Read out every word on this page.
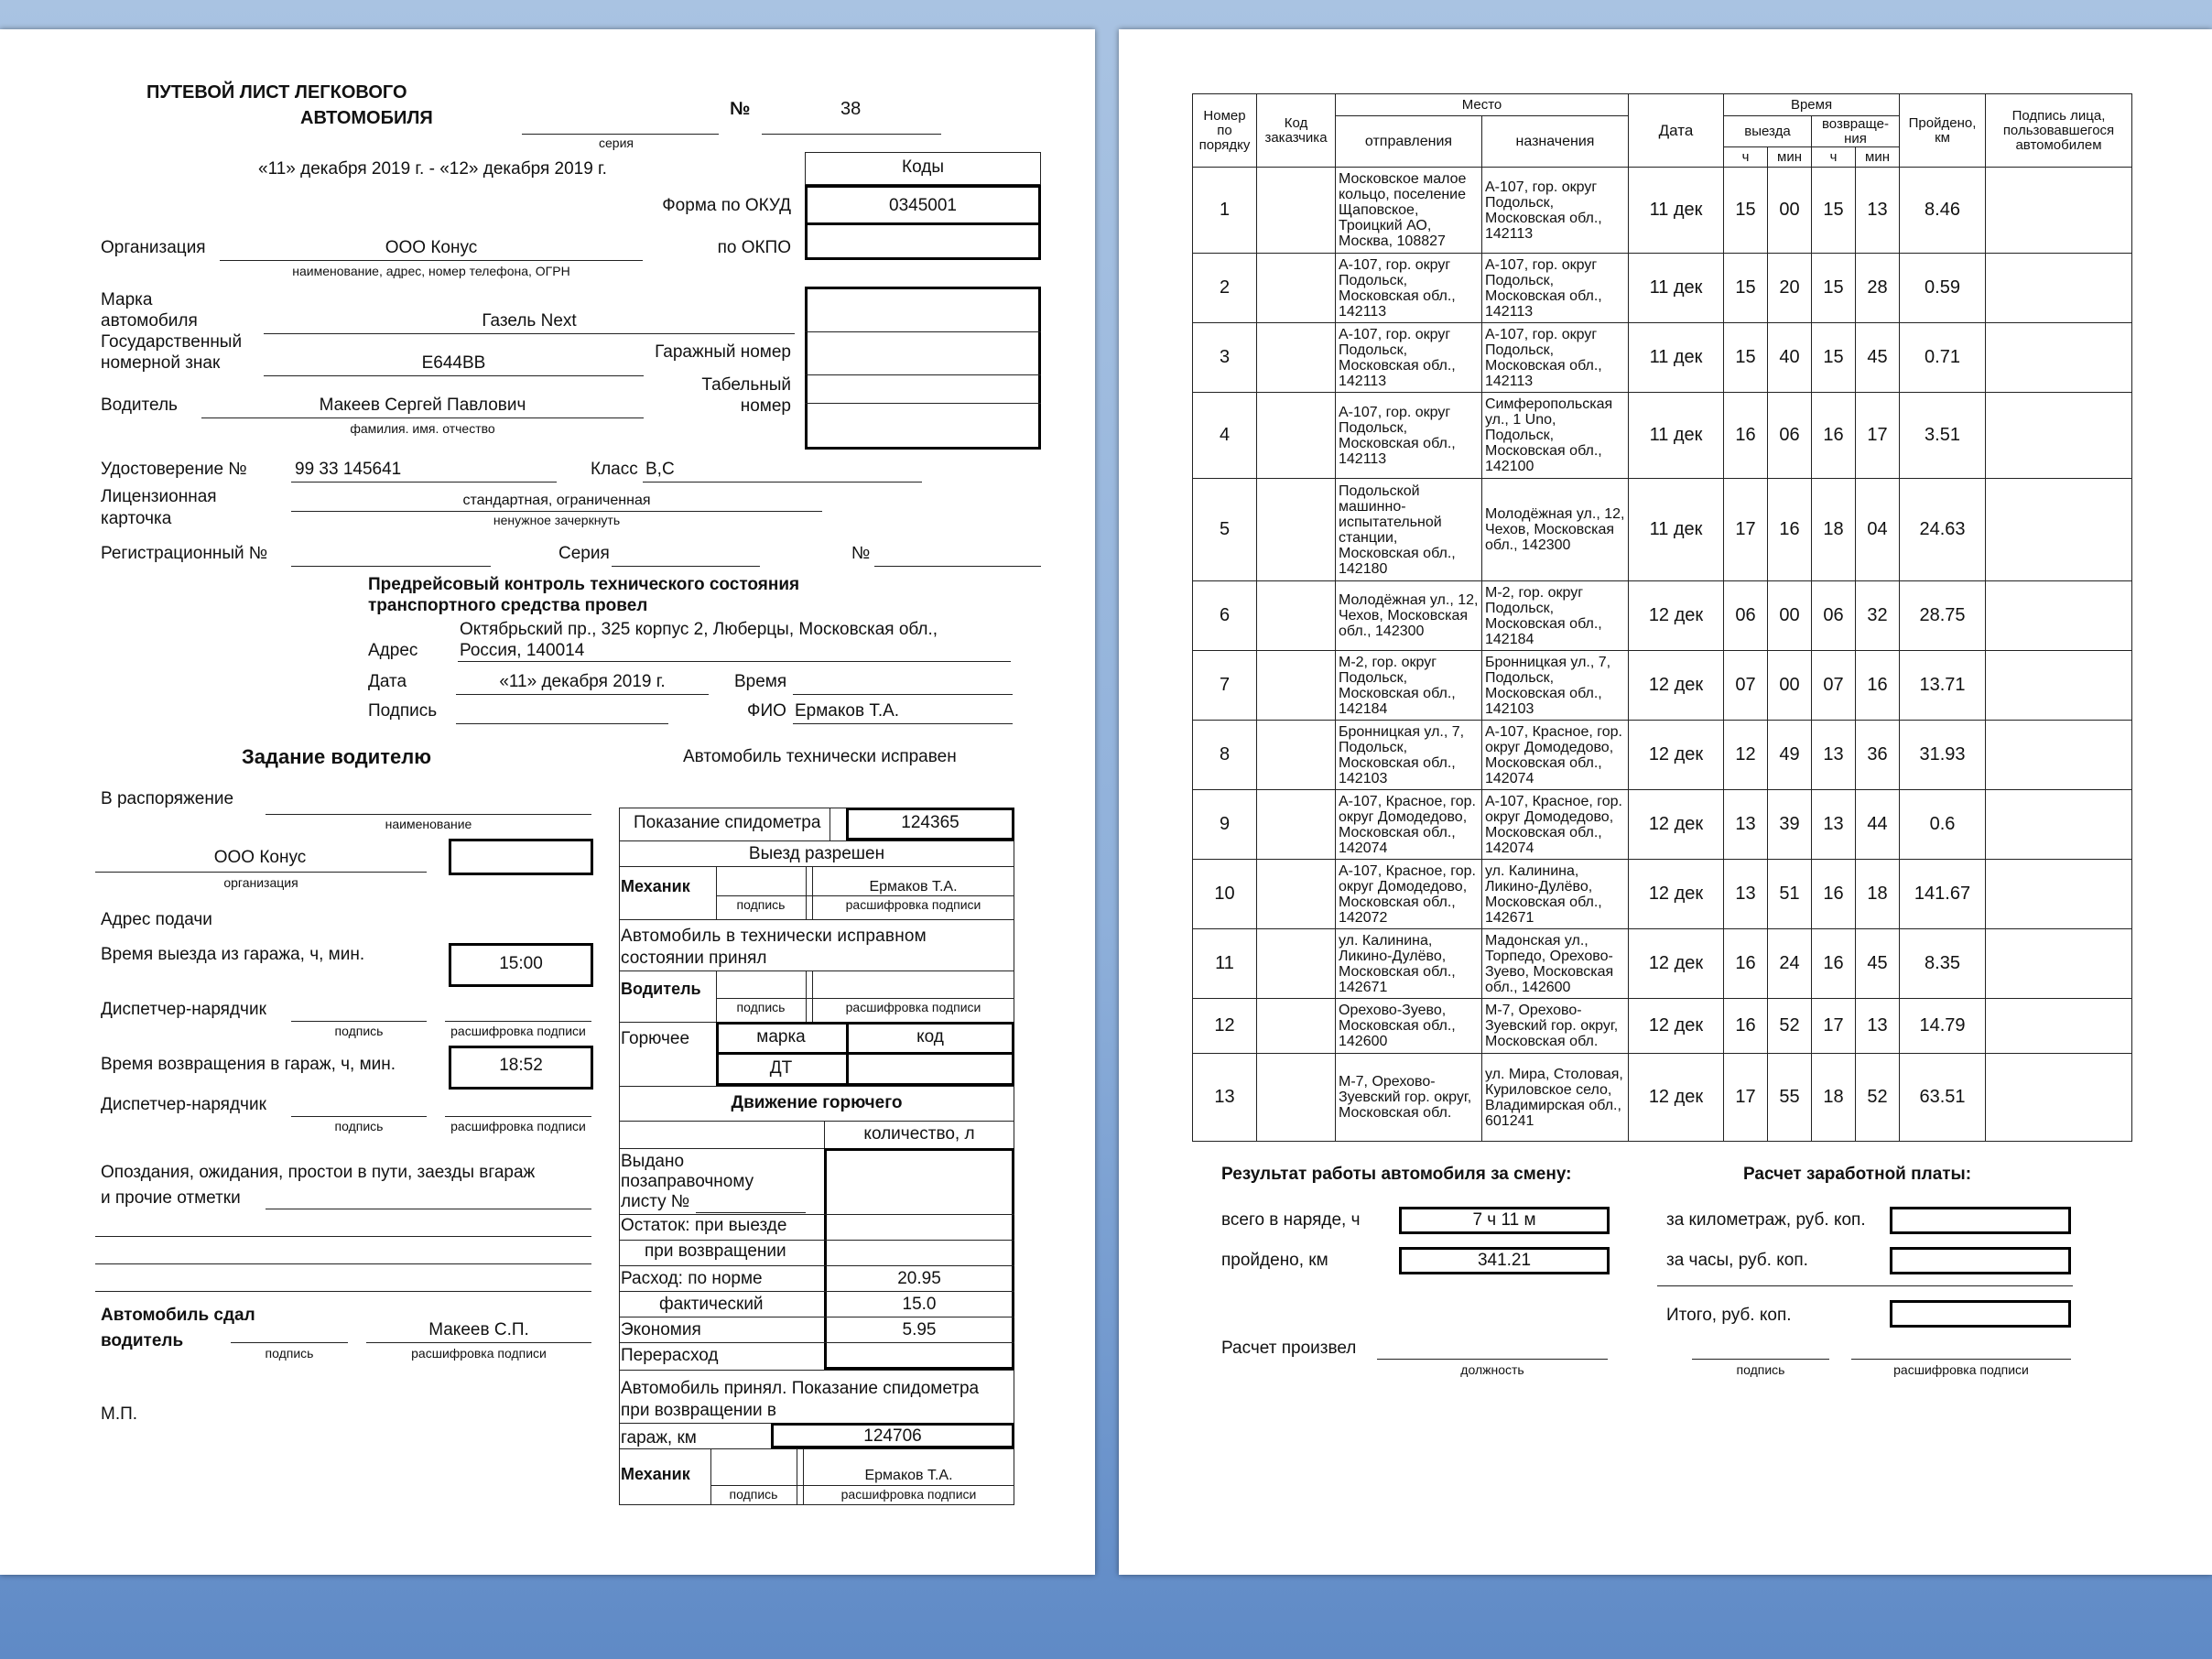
ПУТЕВОЙ ЛИСТ ЛЕГКОВОГО
АВТОМОБИЛЯ
серия
№	38
«11» декабря 2019 г. - «12» декабря 2019 г.	Коды
Форма по ОКУД	0345001
по ОКПО
Организация	ООО Конус
наименование, адрес, номер телефона, ОГРН
Марка
автомобиля	Газель Next
Государственный
номерной знак	Е644ВВ
Гаражный номер
Табельный
номер
Водитель	Макеев Сергей Павлович
фамилия. имя. отчество
Удостоверение №	99 33 145641	Класс В,С
Лицензионная
карточка
стандартная, ограниченная
ненужное зачеркнуть
Регистрационный №	Серия	№
Предрейсовый контроль технического состояния
транспортного средства провел
Октябрьский пр., 325 корпус 2, Люберцы, Московская обл.,
Адрес Россия, 140014
Дата	«11» декабря 2019 г.	Время
Подпись	ФИО Ермаков Т.А.
Задание водителю
В распоряжение
наименование
ООО Конус
организация
Адрес подачи
Время выезда из гаража, ч, мин.	15:00
Диспетчер-нарядчик
подпись	расшифровка подписи
Время возвращения в гараж, ч, мин.	18:52
Диспетчер-нарядчик
подпись	расшифровка подписи
Опоздания, ожидания, простои в пути, заезды вгараж
и прочие отметки
Автомобиль сдал
водитель
подпись
Макеев С.П.
расшифровка подписи
М.П.
Автомобиль технически исправен
Показание спидометра	124365
Выезд разрешен
Механик	Ермаков Т.А.
подпись	расшифровка подписи
Автомобиль в технически исправном
состоянии принял
Водитель
подпись	расшифровка подписи
Горючее	марка	код
ДТ
Движение горючего
количество, л
Выдано
позаправочному
листу №
Остаток: при выезде
при возвращении
Расход: по норме	20.95
фактический	15.0
Экономия	5.95
Перерасход
Автомобиль принял. Показание спидометра
при возвращении в
гараж, км	124706
Механик	Ермаков Т.А.
подпись	расшифровка подписи
Номер по порядку	Код заказчика	Место		Дата	Время				Пройдено, км	Подпись лица, пользовавшегося автомобилем
		отправления	назначения		выезда		возвраще-ния			
					ч	мин	ч	мин		
1		Московское малое кольцо, поселение Щаповское, Троицкий АО, Москва, 108827	А-107, гор. округ Подольск, Московская обл., 142113	11 дек	15	00	15	13	8.46	
2		А-107, гор. округ Подольск, Московская обл., 142113	А-107, гор. округ Подольск, Московская обл., 142113	11 дек	15	20	15	28	0.59	
3		А-107, гор. округ Подольск, Московская обл., 142113	А-107, гор. округ Подольск, Московская обл., 142113	11 дек	15	40	15	45	0.71	
4		А-107, гор. округ Подольск, Московская обл., 142113	Симферопольская ул., 1 Uno, Подольск, Московская обл., 142100	11 дек	16	06	16	17	3.51	
5		Подольской машинно-испытательной станции, Московская обл., 142180	Молодёжная ул., 12, Чехов, Московская обл., 142300	11 дек	17	16	18	04	24.63	
6		Молодёжная ул., 12, Чехов, Московская обл., 142300	М-2, гор. округ Подольск, Московская обл., 142184	12 дек	06	00	06	32	28.75	
7		М-2, гор. округ Подольск, Московская обл., 142184	Бронницкая ул., 7, Подольск, Московская обл., 142103	12 дек	07	00	07	16	13.71	
8		Бронницкая ул., 7, Подольск, Московская обл., 142103	А-107, Красное, гор. округ Домодедово, Московская обл., 142074	12 дек	12	49	13	36	31.93	
9		А-107, Красное, гор. округ Домодедово, Московская обл., 142074	А-107, Красное, гор. округ Домодедово, Московская обл., 142074	12 дек	13	39	13	44	0.6	
10		А-107, Красное, гор. округ Домодедово, Московская обл., 142072	ул. Калинина, Ликино-Дулёво, Московская обл., 142671	12 дек	13	51	16	18	141.67	
11		ул. Калинина, Ликино-Дулёво, Московская обл., 142671	Мадонская ул., Торпедо, Орехово-Зуево, Московская обл., 142600	12 дек	16	24	16	45	8.35	
12		Орехово-Зуево, Московская обл., 142600	М-7, Орехово-Зуевский гор. округ, Московская обл.	12 дек	16	52	17	13	14.79	
13		М-7, Орехово-Зуевский гор. округ, Московская обл.	ул. Мира, Столовая, Куриловское село, Владимирская обл., 601241	12 дек	17	55	18	52	63.51	
Результат работы автомобиля за смену:	Расчет заработной платы:
всего в наряде, ч	7 ч 11 м	за километраж, руб. коп.
пройдено, км	341.21	за часы, руб. коп.
Итого, руб. коп.
Расчет произвел
должность	подпись	расшифровка подписи
